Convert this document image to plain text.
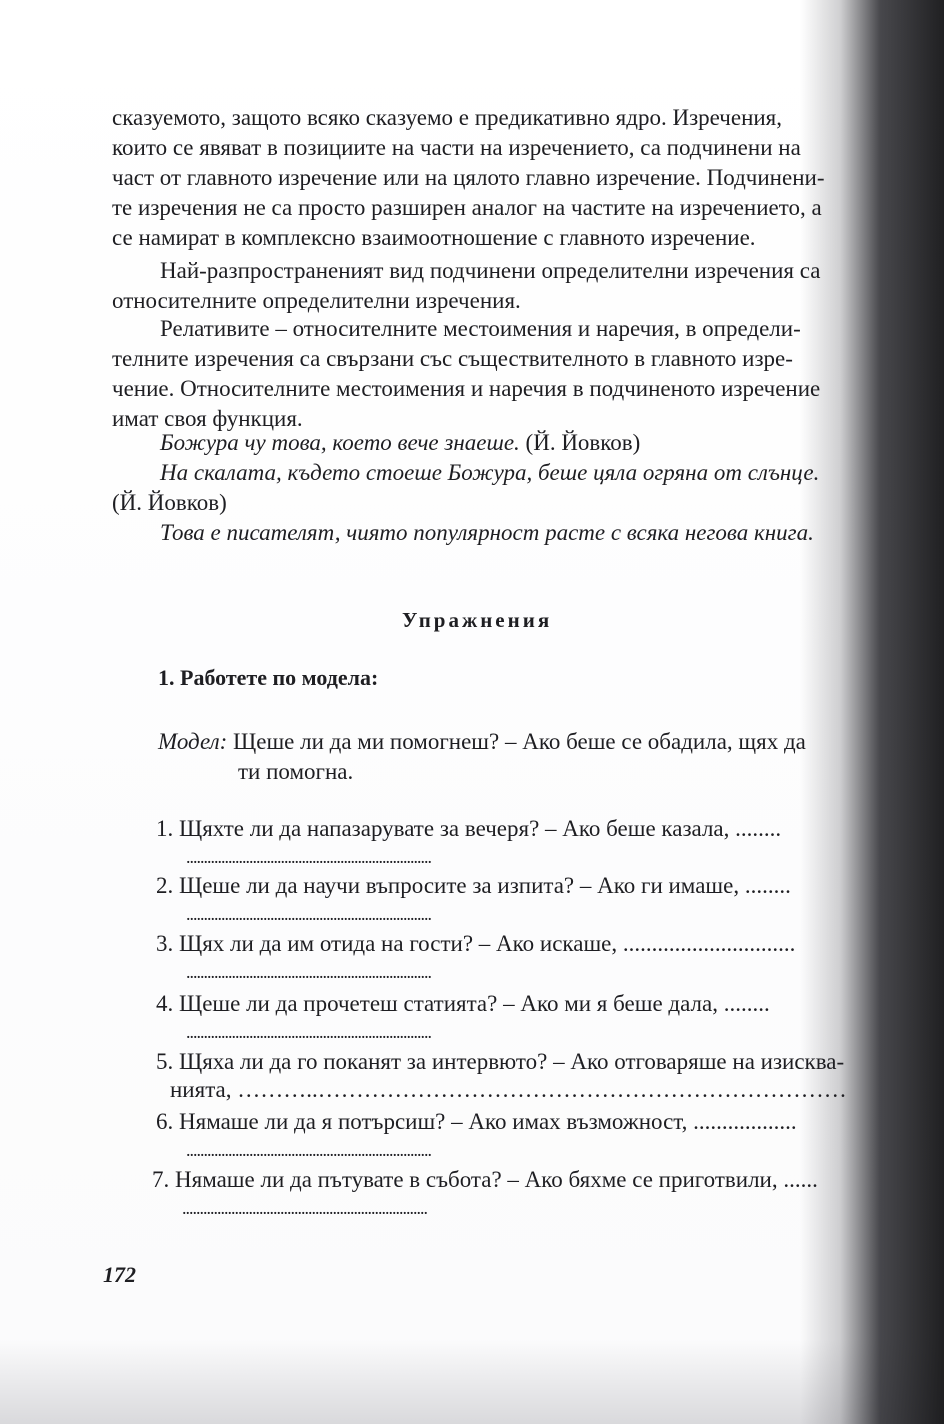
сказуемото, защото всяко сказуемо е предикативно ядро. Изречения,

които се явяват в позициите на части на изречението, са подчинени на

част от главното изречение или на цялото главно изречение. Подчинени-

те изречения не са просто разширен аналог на частите на изречението, а

се намират в комплексно взаимоотношение с главното изречение.

Най-разпространеният вид подчинени определителни изречения са

относителните определителни изречения.

Релативите – относителните местоимения и наречия, в определи-

телните изречения са свързани със съществителното в главното изре-

чение. Относителните местоимения и наречия в подчиненото изречение

имат своя функция.

Божура чу това, което вече знаеше. (Й. Йовков)

На скалата, където стоеше Божура, беше цяла огряна от слънце.

(Й. Йовков)

Това е писателят, чиято популярност расте с всяка негова книга.

Упражнения
1. Работете по модела:
Модел: Щеше ли да ми помогнеш? – Ако беше се обадила, щях да
ти помогна.
1. Щяхте ли да напазарувате за вечеря? – Ако беше казала, ........
......................................................................
2. Щеше ли да научи въпросите за изпита? – Ако ги имаше, ........
......................................................................
3. Щях ли да им отида на гости? – Ако искаше, ..............................
......................................................................
4. Щеше ли да прочетеш статията? – Ако ми я беше дала, ........
......................................................................
5. Щяха ли да го поканят за интервюто? – Ако отговаряше на изисква-
нията, ………..……………………………………………………………
6. Нямаше ли да я потърсиш? – Ако имах възможност, ..................
......................................................................
7. Нямаше ли да пътувате в събота? – Ако бяхме се приготвили, ......
......................................................................
172
